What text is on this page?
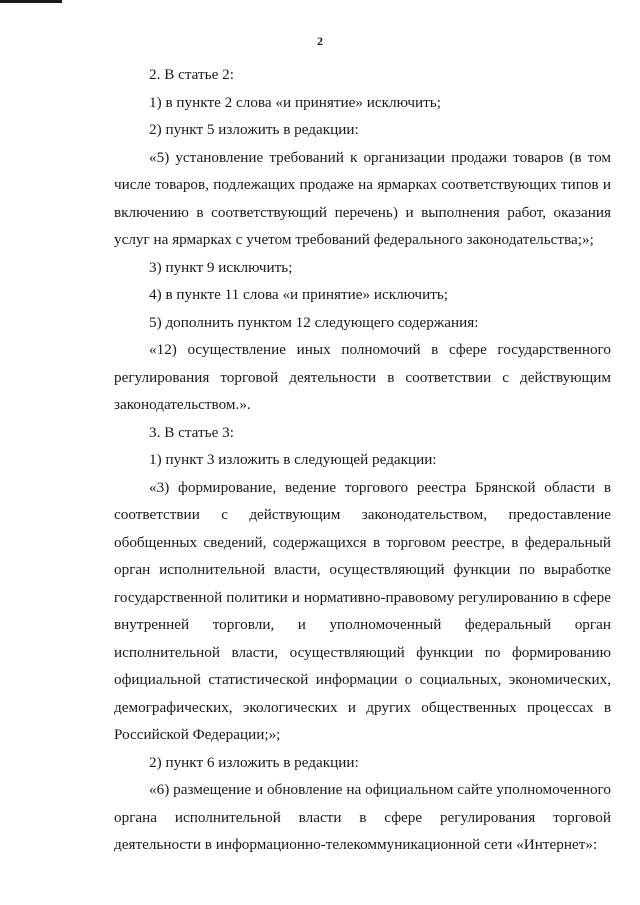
2

2. В статье 2:

1) в пункте 2 слова «и принятие» исключить;

2) пункт 5 изложить в редакции:

«5) установление требований к организации продажи товаров (в том числе товаров, подлежащих продаже на ярмарках соответствующих типов и включению в соответствующий перечень) и выполнения работ, оказания услуг на ярмарках с учетом требований федерального законодательства;»;

3) пункт 9 исключить;

4) в пункте 11 слова «и принятие» исключить;

5) дополнить пунктом 12 следующего содержания:

«12) осуществление иных полномочий в сфере государственного регулирования торговой деятельности в соответствии с действующим законодательством.».

3. В статье 3:

1) пункт 3 изложить в следующей редакции:

«3) формирование, ведение торгового реестра Брянской области в соответствии с действующим законодательством, предоставление обобщенных сведений, содержащихся в торговом реестре, в федеральный орган исполнительной власти, осуществляющий функции по выработке государственной политики и нормативно-правовому регулированию в сфере внутренней торговли, и уполномоченный федеральный орган исполнительной власти, осуществляющий функции по формированию официальной статистической информации о социальных, экономических, демографических, экологических и других общественных процессах в Российской Федерации;»;

2) пункт 6 изложить в редакции:

«6) размещение и обновление на официальном сайте уполномоченного органа исполнительной власти в сфере регулирования торговой деятельности в информационно-телекоммуникационной сети «Интернет»:
